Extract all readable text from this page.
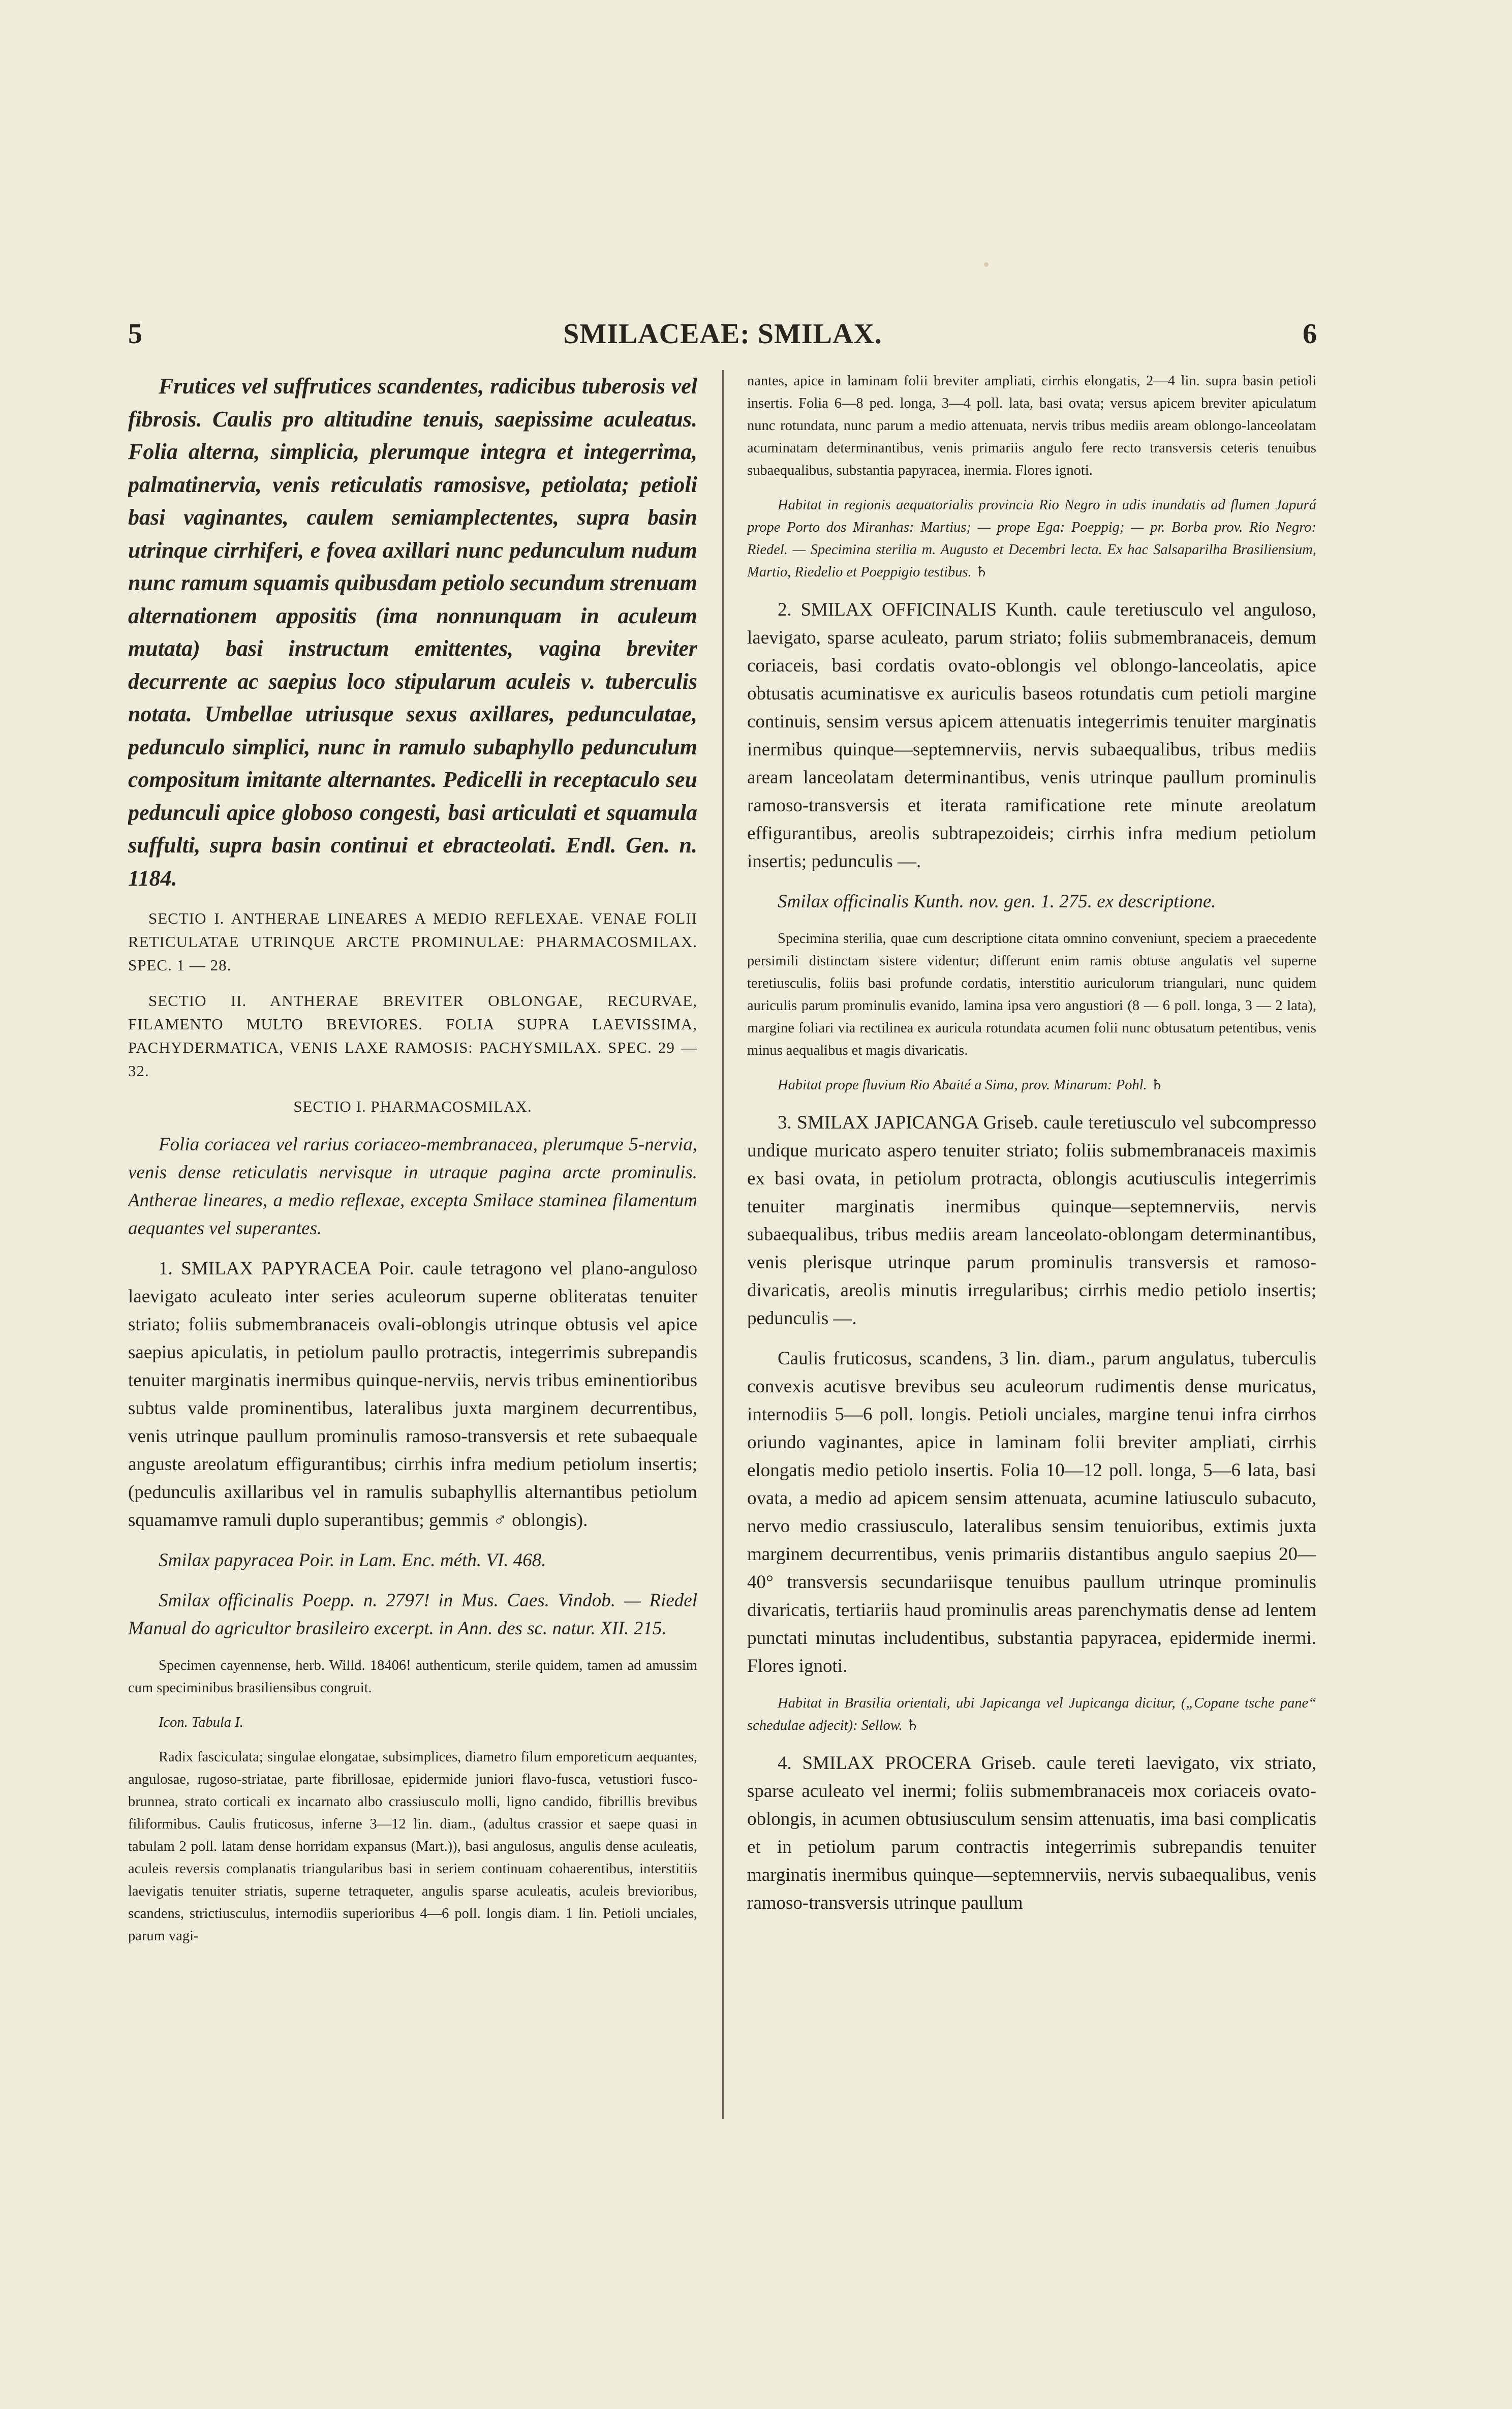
5	SMILACEAE: SMILAX.	6

Frutices vel suffrutices scandentes, radicibus tuberosis vel fibrosis. Caulis pro altitudine tenuis, saepissime aculeatus. Folia alterna, simplicia, plerumque integra et integerrima, palmatinervia, venis reticulatis ramosisve, petiolata; petioli basi vaginantes, caulem semiamplectentes, supra basin utrinque cirrhiferi, e fovea axillari nunc pedunculum nudum nunc ramum squamis quibusdam petiolo secundum strenuam alternationem appositis (ima nonnunquam in aculeum mutata) basi instructum emittentes, vagina breviter decurrente ac saepius loco stipularum aculeis v. tuberculis notata. Umbellae utriusque sexus axillares, pedunculatae, pedunculo simplici, nunc in ramulo subaphyllo pedunculum compositum imitante alternantes. Pedicelli in receptaculo seu pedunculi apice globoso congesti, basi articulati et squamula suffulti, supra basin continui et ebracteolati. Endl. Gen. n. 1184.

SECTIO I. ANTHERAE LINEARES A MEDIO REFLEXAE. VENAE FOLII RETICULATAE UTRINQUE ARCTE PROMINULAE: PHARMACOSMILAX. SPEC. 1 — 28.

SECTIO II. ANTHERAE BREVITER OBLONGAE, RECURVAE, FILAMENTO MULTO BREVIORES. FOLIA SUPRA LAEVISSIMA, PACHYDERMATICA, VENIS LAXE RAMOSIS: PACHYSMILAX. SPEC. 29 — 32.

SECTIO I. PHARMACOSMILAX.

Folia coriacea vel rarius coriaceo-membranacea, plerumque 5-nervia, venis dense reticulatis nervisque in utraque pagina arcte prominulis. Antherae lineares, a medio reflexae, excepta Smilace staminea filamentum aequantes vel superantes.

1. SMILAX PAPYRACEA Poir. caule tetragono vel plano-anguloso laevigato aculeato inter series aculeorum superne obliteratas tenuiter striato; foliis submembranaceis ovali-oblongis utrinque obtusis vel apice saepius apiculatis, in petiolum paullo protractis, integerrimis subrepandis tenuiter marginatis inermibus quinque-nerviis, nervis tribus eminentioribus subtus valde prominentibus, lateralibus juxta marginem decurrentibus, venis utrinque paullum prominulis ramoso-transversis et rete subaequale anguste areolatum effigurantibus; cirrhis infra medium petiolum insertis; (pedunculis axillaribus vel in ramulis subaphyllis alternantibus petiolum squamamve ramuli duplo superantibus; gemmis ♂ oblongis).

Smilax papyracea Poir. in Lam. Enc. méth. VI. 468.

Smilax officinalis Poepp. n. 2797! in Mus. Caes. Vindob. — Riedel Manual do agricultor brasileiro excerpt. in Ann. des sc. natur. XII. 215.

Specimen cayennense, herb. Willd. 18406! authenticum, sterile quidem, tamen ad amussim cum speciminibus brasiliensibus congruit.

Icon. Tabula I.

Radix fasciculata; singulae elongatae, subsimplices, diametro filum emporeticum aequantes, angulosae, rugoso-striatae, parte fibrillosae, epidermide juniori flavo-fusca, vetustiori fusco-brunnea, strato corticali ex incarnato albo crassiusculo molli, ligno candido, fibrillis brevibus filiformibus. Caulis fruticosus, inferne 3—12 lin. diam., (adultus crassior et saepe quasi in tabulam 2 poll. latam dense horridam expansus (Mart.)), basi angulosus, angulis dense aculeatis, aculeis reversis complanatis triangularibus basi in seriem continuam cohaerentibus, interstitiis laevigatis tenuiter striatis, superne tetraqueter, angulis sparse aculeatis, aculeis brevioribus, scandens, strictiusculus, internodiis superioribus 4—6 poll. longis diam. 1 lin. Petioli unciales, parum vagi-

nantes, apice in laminam folii breviter ampliati, cirrhis elongatis, 2—4 lin. supra basin petioli insertis. Folia 6—8 ped. longa, 3—4 poll. lata, basi ovata; versus apicem breviter apiculatum nunc rotundata, nunc parum a medio attenuata, nervis tribus mediis aream oblongo-lanceolatam acuminatam determinantibus, venis primariis angulo fere recto transversis ceteris tenuibus subaequalibus, substantia papyracea, inermia. Flores ignoti.

Habitat in regionis aequatorialis provincia Rio Negro in udis inundatis ad flumen Japurá prope Porto dos Miranhas: Martius; — prope Ega: Poeppig; — pr. Borba prov. Rio Negro: Riedel. — Specimina sterilia m. Augusto et Decembri lecta. Ex hac Salsaparilha Brasiliensium, Martio, Riedelio et Poeppigio testibus. ♄

2. SMILAX OFFICINALIS Kunth. caule teretiusculo vel anguloso, laevigato, sparse aculeato, parum striato; foliis submembranaceis, demum coriaceis, basi cordatis ovato-oblongis vel oblongo-lanceolatis, apice obtusatis acuminatisve ex auriculis baseos rotundatis cum petioli margine continuis, sensim versus apicem attenuatis integerrimis tenuiter marginatis inermibus quinque—septemnerviis, nervis subaequalibus, tribus mediis aream lanceolatam determinantibus, venis utrinque paullum prominulis ramoso-transversis et iterata ramificatione rete minute areolatum effigurantibus, areolis subtrapezoideis; cirrhis infra medium petiolum insertis; pedunculis —.

Smilax officinalis Kunth. nov. gen. 1. 275. ex descriptione.

Specimina sterilia, quae cum descriptione citata omnino conveniunt, speciem a praecedente persimili distinctam sistere videntur; differunt enim ramis obtuse angulatis vel superne teretiusculis, foliis basi profunde cordatis, interstitio auriculorum triangulari, nunc quidem auriculis parum prominulis evanido, lamina ipsa vero angustiori (8 — 6 poll. longa, 3 — 2 lata), margine foliari via rectilinea ex auricula rotundata acumen folii nunc obtusatum petentibus, venis minus aequalibus et magis divaricatis.

Habitat prope fluvium Rio Abaité a Sima, prov. Minarum: Pohl. ♄

3. SMILAX JAPICANGA Griseb. caule teretiusculo vel subcompresso undique muricato aspero tenuiter striato; foliis submembranaceis maximis ex basi ovata, in petiolum protracta, oblongis acutiusculis integerrimis tenuiter marginatis inermibus quinque—septemnerviis, nervis subaequalibus, tribus mediis aream lanceolato-oblongam determinantibus, venis plerisque utrinque parum prominulis transversis et ramoso-divaricatis, areolis minutis irregularibus; cirrhis medio petiolo insertis; pedunculis —.

Caulis fruticosus, scandens, 3 lin. diam., parum angulatus, tuberculis convexis acutisve brevibus seu aculeorum rudimentis dense muricatus, internodiis 5—6 poll. longis. Petioli unciales, margine tenui infra cirrhos oriundo vaginantes, apice in laminam folii breviter ampliati, cirrhis elongatis medio petiolo insertis. Folia 10—12 poll. longa, 5—6 lata, basi ovata, a medio ad apicem sensim attenuata, acumine latiusculo subacuto, nervo medio crassiusculo, lateralibus sensim tenuioribus, extimis juxta marginem decurrentibus, venis primariis distantibus angulo saepius 20—40° transversis secundariisque tenuibus paullum utrinque prominulis divaricatis, tertiariis haud prominulis areas parenchymatis dense ad lentem punctati minutas includentibus, substantia papyracea, epidermide inermi. Flores ignoti.

Habitat in Brasilia orientali, ubi Japicanga vel Jupicanga dicitur, („Copane tsche pane“ schedulae adjecit): Sellow. ♄

4. SMILAX PROCERA Griseb. caule tereti laevigato, vix striato, sparse aculeato vel inermi; foliis submembranaceis mox coriaceis ovato-oblongis, in acumen obtusiusculum sensim attenuatis, ima basi complicatis et in petiolum parum contractis integerrimis subrepandis tenuiter marginatis inermibus quinque—septemnerviis, nervis subaequalibus, venis ramoso-transversis utrinque paullum
